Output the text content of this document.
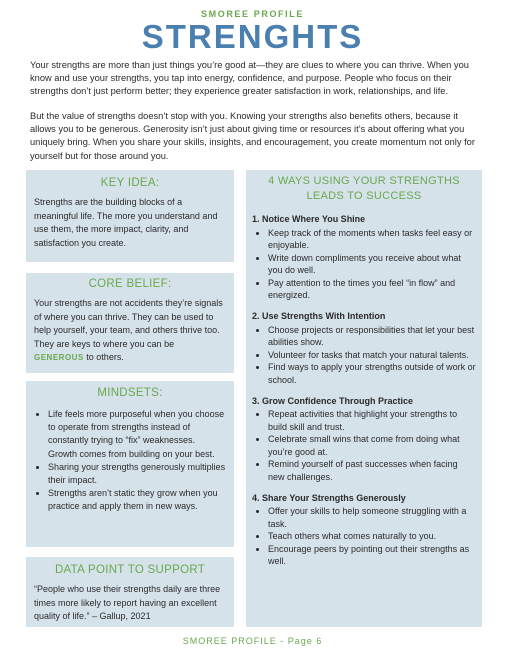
SMOREE PROFILE
STRENGHTS

Your strengths are more than just things you’re good at—they are clues to where you can thrive. When you know and use your strengths, you tap into energy, confidence, and purpose. People who focus on their strengths don’t just perform better; they experience greater satisfaction in work, relationships, and life.

But the value of strengths doesn’t stop with you. Knowing your strengths also benefits others, because it allows you to be generous. Generosity isn’t just about giving time or resources it’s about offering what you uniquely bring. When you share your skills, insights, and encouragement, you create momentum not only for yourself but for those around you.

KEY IDEA:

Strengths are the building blocks of a meaningful life. The more you understand and use them, the more impact, clarity, and satisfaction you create.

CORE BELIEF:

Your strengths are not accidents they’re signals of where you can thrive. They can be used to help yourself, your team, and others thrive too. They are keys to where you can be GENEROUS to others.

MINDSETS:
• Life feels more purposeful when you choose to operate from strengths instead of constantly trying to “fix” weaknesses. Growth comes from building on your best.
• Sharing your strengths generously multiplies their impact.
• Strengths aren’t static they grow when you practice and apply them in new ways.
DATA POINT TO SUPPORT

“People who use their strengths daily are three times more likely to report having an excellent quality of life.” – Gallup, 2021

4 WAYS USING YOUR STRENGTHS LEADS TO SUCCESS

1. Notice Where You Shine

• Keep track of the moments when tasks feel easy or enjoyable.
• Write down compliments you receive about what you do well.
• Pay attention to the times you feel “in flow” and energized.

2. Use Strengths With Intention

• Choose projects or responsibilities that let your best abilities show.
• Volunteer for tasks that match your natural talents.
• Find ways to apply your strengths outside of work or school.

3. Grow Confidence Through Practice

• Repeat activities that highlight your strengths to build skill and trust.
• Celebrate small wins that come from doing what you’re good at.
• Remind yourself of past successes when facing new challenges.

4. Share Your Strengths Generously

• Offer your skills to help someone struggling with a task.
• Teach others what comes naturally to you.
• Encourage peers by pointing out their strengths as well.
SMOREE PROFILE - Page 6
